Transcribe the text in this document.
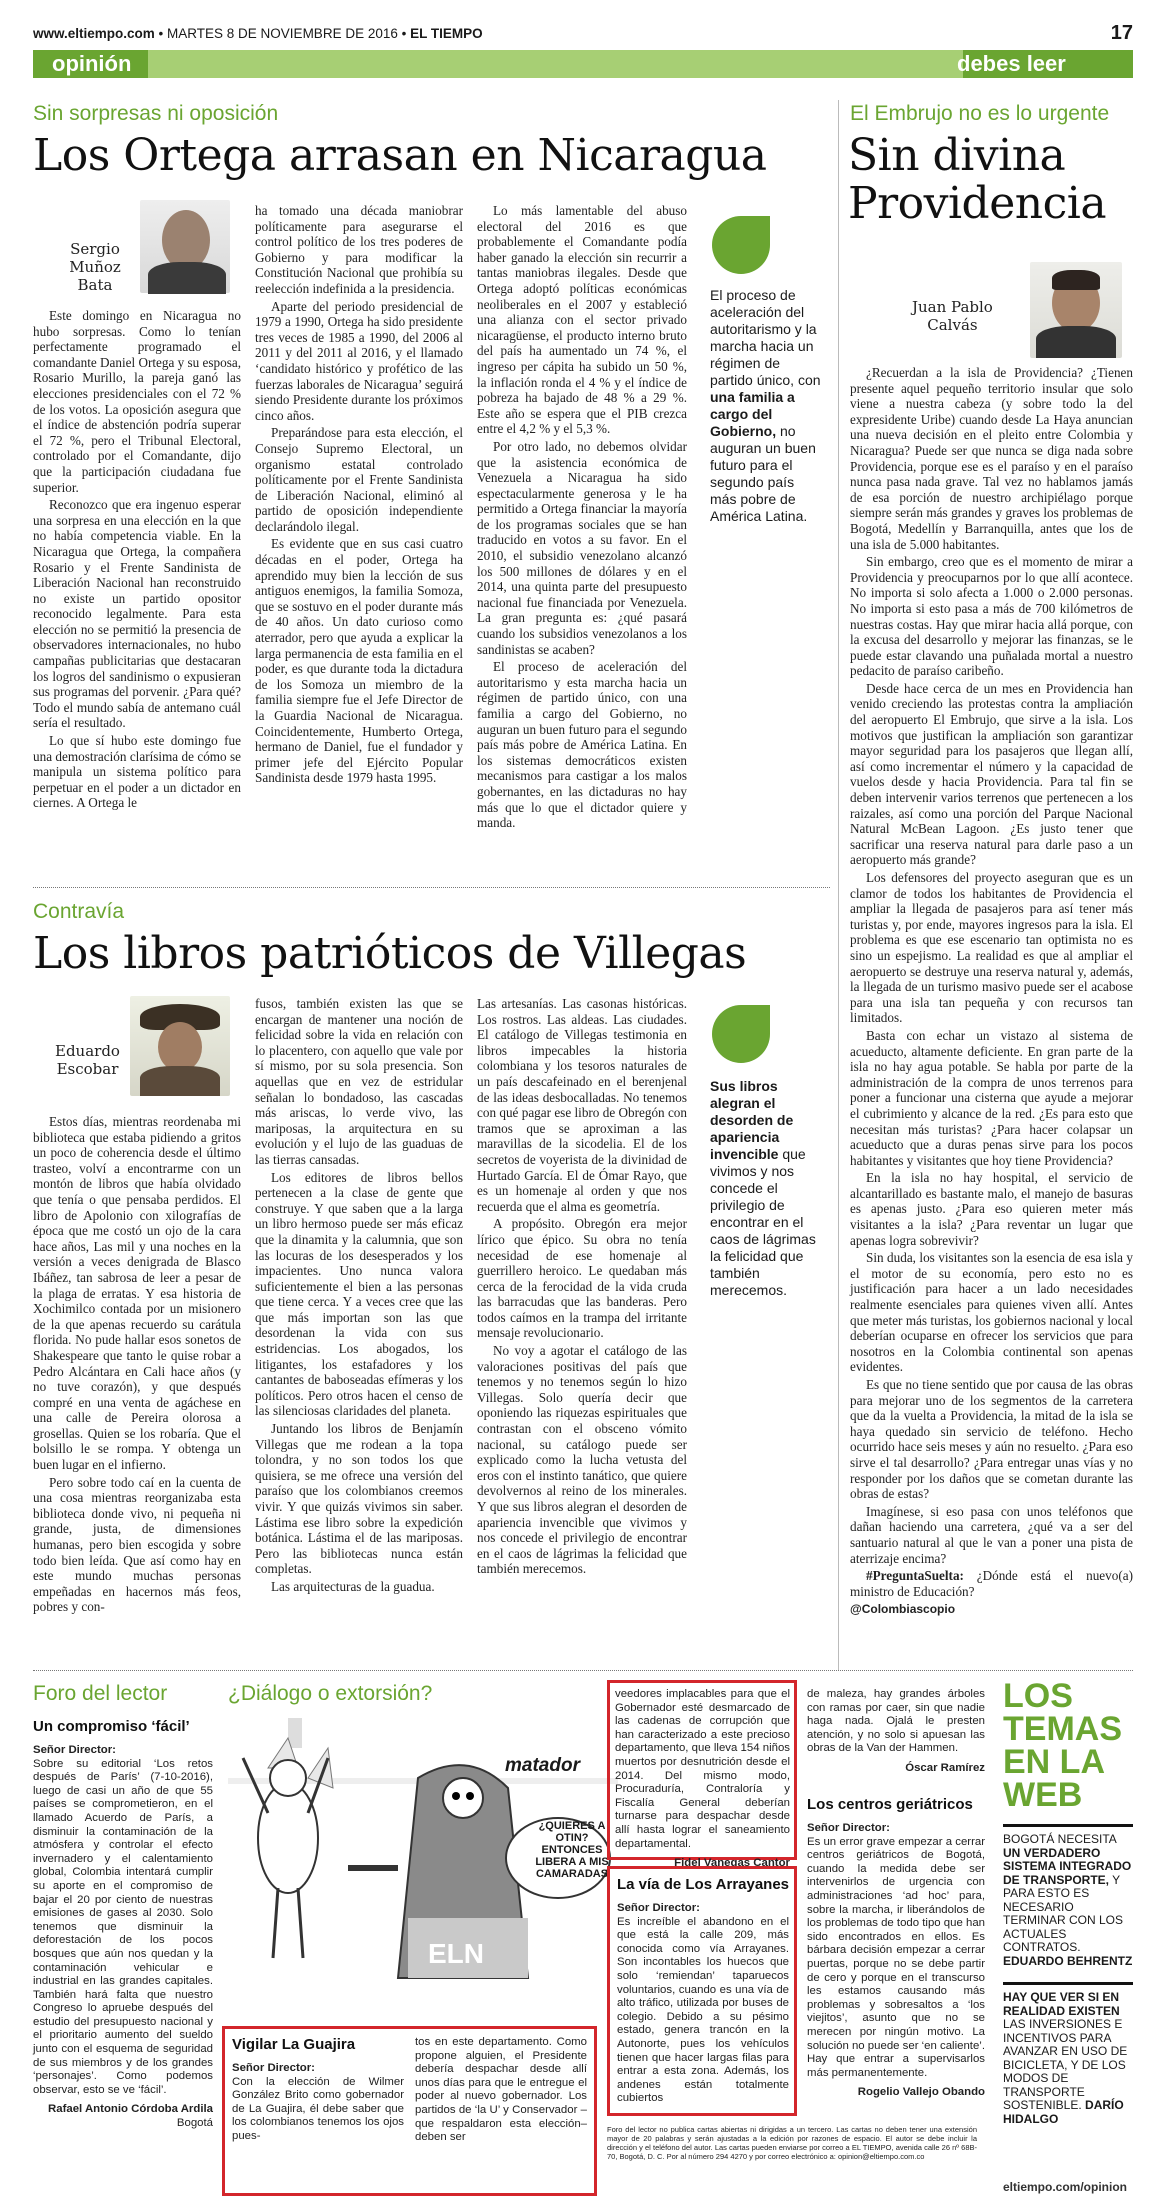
www.eltiempo.com • MARTES 8 DE NOVIEMBRE DE 2016 • EL TIEMPO	17
opinión	debes leer
Sin sorpresas ni oposición
Los Ortega arrasan en Nicaragua
Sergio
Muñoz
Bata

Este domingo en Nicaragua no hubo sorpresas. Como lo tenían perfectamente programado el comandante Daniel Ortega y su esposa, Rosario Murillo, la pareja ganó las elecciones presidenciales con el 72 % de los votos. La oposición asegura que el índice de abstención podría superar el 72 %, pero el Tribunal Electoral, controlado por el Comandante, dijo que la participación ciudadana fue superior.

Reconozco que era ingenuo esperar una sorpresa en una elección en la que no había competencia viable. En la Nicaragua que Ortega, la compañera Rosario y el Frente Sandinista de Liberación Nacional han reconstruido no existe un partido opositor reconocido legalmente. Para esta elección no se permitió la presencia de observadores internacionales, no hubo campañas publicitarias que destacaran los logros del sandinismo o expusieran sus programas del porvenir. ¿Para qué? Todo el mundo sabía de antemano cuál sería el resultado.

Lo que sí hubo este domingo fue una demostración clarísima de cómo se manipula un sistema político para perpetuar en el poder a un dictador en ciernes. A Ortega le

ha tomado una década maniobrar políticamente para asegurarse el control político de los tres poderes de Gobierno y para modificar la Constitución Nacional que prohibía su reelección indefinida a la presidencia.

Aparte del periodo presidencial de 1979 a 1990, Ortega ha sido presidente tres veces de 1985 a 1990, del 2006 al 2011 y del 2011 al 2016, y el llamado ‘candidato histórico y profético de las fuerzas laborales de Nicaragua’ seguirá siendo Presidente durante los próximos cinco años.

Preparándose para esta elección, el Consejo Supremo Electoral, un organismo estatal controlado políticamente por el Frente Sandinista de Liberación Nacional, eliminó al partido de oposición independiente declarándolo ilegal.

Es evidente que en sus casi cuatro décadas en el poder, Ortega ha aprendido muy bien la lección de sus antiguos enemigos, la familia Somoza, que se sostuvo en el poder durante más de 40 años. Un dato curioso como aterrador, pero que ayuda a explicar la larga permanencia de esta familia en el poder, es que durante toda la dictadura de los Somoza un miembro de la familia siempre fue el Jefe Director de la Guardia Nacional de Nicaragua. Coincidentemente, Humberto Ortega, hermano de Daniel, fue el fundador y primer jefe del Ejército Popular Sandinista desde 1979 hasta 1995.

Lo más lamentable del abuso electoral del 2016 es que probablemente el Comandante podía haber ganado la elección sin recurrir a tantas maniobras ilegales. Desde que Ortega adoptó políticas económicas neoliberales en el 2007 y estableció una alianza con el sector privado nicaragüense, el producto interno bruto del país ha aumentado un 74 %, el ingreso per cápita ha subido un 50 %, la inflación ronda el 4 % y el índice de pobreza ha bajado de 48 % a 29 %. Este año se espera que el PIB crezca entre el 4,2 % y el 5,3 %.

Por otro lado, no debemos olvidar que la asistencia económica de Venezuela a Nicaragua ha sido espectacularmente generosa y le ha permitido a Ortega financiar la mayoría de los programas sociales que se han traducido en votos a su favor. En el 2010, el subsidio venezolano alcanzó los 500 millones de dólares y en el 2014, una quinta parte del presupuesto nacional fue financiada por Venezuela. La gran pregunta es: ¿qué pasará cuando los subsidios venezolanos a los sandinistas se acaben?

El proceso de aceleración del autoritarismo y esta marcha hacia un régimen de partido único, con una familia a cargo del Gobierno, no auguran un buen futuro para el segundo país más pobre de América Latina. En los sistemas democráticos existen mecanismos para castigar a los malos gobernantes, en las dictaduras no hay más que lo que el dictador quiere y manda.

El proceso de aceleración del autoritarismo y la marcha hacia un régimen de partido único, con una familia a cargo del Gobierno, no auguran un buen futuro para el segundo país más pobre de América Latina.
El Embrujo no es lo urgente
Sin divina
Providencia
Juan Pablo
Calvás

¿Recuerdan a la isla de Providencia? ¿Tienen presente aquel pequeño territorio insular que solo viene a nuestra cabeza (y sobre todo la del expresidente Uribe) cuando desde La Haya anuncian una nueva decisión en el pleito entre Colombia y Nicaragua? Puede ser que nunca se diga nada sobre Providencia, porque ese es el paraíso y en el paraíso nunca pasa nada grave. Tal vez no hablamos jamás de esa porción de nuestro archipiélago porque siempre serán más grandes y graves los problemas de Bogotá, Medellín y Barranquilla, antes que los de una isla de 5.000 habitantes.

Sin embargo, creo que es el momento de mirar a Providencia y preocuparnos por lo que allí acontece. No importa si solo afecta a 1.000 o 2.000 personas. No importa si esto pasa a más de 700 kilómetros de nuestras costas. Hay que mirar hacia allá porque, con la excusa del desarrollo y mejorar las finanzas, se le puede estar clavando una puñalada mortal a nuestro pedacito de paraíso caribeño.

Desde hace cerca de un mes en Providencia han venido creciendo las protestas contra la ampliación del aeropuerto El Embrujo, que sirve a la isla. Los motivos que justifican la ampliación son garantizar mayor seguridad para los pasajeros que llegan allí, así como incrementar el número y la capacidad de vuelos desde y hacia Providencia. Para tal fin se deben intervenir varios terrenos que pertenecen a los raizales, así como una porción del Parque Nacional Natural McBean Lagoon. ¿Es justo tener que sacrificar una reserva natural para darle paso a un aeropuerto más grande?

Los defensores del proyecto aseguran que es un clamor de todos los habitantes de Providencia el ampliar la llegada de pasajeros para así tener más turistas y, por ende, mayores ingresos para la isla. El problema es que ese escenario tan optimista no es sino un espejismo. La realidad es que al ampliar el aeropuerto se destruye una reserva natural y, además, la llegada de un turismo masivo puede ser el acabose para una isla tan pequeña y con recursos tan limitados.

Basta con echar un vistazo al sistema de acueducto, altamente deficiente. En gran parte de la isla no hay agua potable. Se habla por parte de la administración de la compra de unos terrenos para poner a funcionar una cisterna que ayude a mejorar el cubrimiento y alcance de la red. ¿Es para esto que necesitan más turistas? ¿Para hacer colapsar un acueducto que a duras penas sirve para los pocos habitantes y visitantes que hoy tiene Providencia?

En la isla no hay hospital, el servicio de alcantarillado es bastante malo, el manejo de basuras es apenas justo. ¿Para eso quieren meter más visitantes a la isla? ¿Para reventar un lugar que apenas logra sobrevivir?

Sin duda, los visitantes son la esencia de esa isla y el motor de su economía, pero esto no es justificación para hacer a un lado necesidades realmente esenciales para quienes viven allí. Antes que meter más turistas, los gobiernos nacional y local deberían ocuparse en ofrecer los servicios que para nosotros en la Colombia continental son apenas evidentes.

Es que no tiene sentido que por causa de las obras para mejorar uno de los segmentos de la carretera que da la vuelta a Providencia, la mitad de la isla se haya quedado sin servicio de teléfono. Hecho ocurrido hace seis meses y aún no resuelto. ¿Para eso sirve el tal desarrollo? ¿Para entregar unas vías y no responder por los daños que se cometan durante las obras de estas?

Imagínese, si eso pasa con unos teléfonos que dañan haciendo una carretera, ¿qué va a ser del santuario natural al que le van a poner una pista de aterrizaje encima?

#PreguntaSuelta: ¿Dónde está el nuevo(a) ministro de Educación?

@Colombiascopio

Contravía
Los libros patrióticos de Villegas
Eduardo
Escobar

Estos días, mientras reordenaba mi biblioteca que estaba pidiendo a gritos un poco de coherencia desde el último trasteo, volví a encontrarme con un montón de libros que había olvidado que tenía o que pensaba perdidos. El libro de Apolonio con xilografías de época que me costó un ojo de la cara hace años, Las mil y una noches en la versión a veces denigrada de Blasco Ibáñez, tan sabrosa de leer a pesar de la plaga de erratas. Y esa historia de Xochimilco contada por un misionero de la que apenas recuerdo su carátula florida. No pude hallar esos sonetos de Shakespeare que tanto le quise robar a Pedro Alcántara en Cali hace años (y no tuve corazón), y que después compré en una venta de agáchese en una calle de Pereira olorosa a grosellas. Quien se los robaría. Que el bolsillo le se rompa. Y obtenga un buen lugar en el infierno.

Pero sobre todo caí en la cuenta de una cosa mientras reorganizaba esta biblioteca donde vivo, ni pequeña ni grande, justa, de dimensiones humanas, pero bien escogida y sobre todo bien leída. Que así como hay en este mundo muchas personas empeñadas en hacernos más feos, pobres y con-

fusos, también existen las que se encargan de mantener una noción de felicidad sobre la vida en relación con lo placentero, con aquello que vale por sí mismo, por su sola presencia. Son aquellas que en vez de estridular señalan lo bondadoso, las cascadas más ariscas, lo verde vivo, las mariposas, la arquitectura en su evolución y el lujo de las guaduas de las tierras cansadas.

Los editores de libros bellos pertenecen a la clase de gente que construye. Y que saben que a la larga un libro hermoso puede ser más eficaz que la dinamita y la calumnia, que son las locuras de los desesperados y los impacientes. Uno nunca valora suficientemente el bien a las personas que tiene cerca. Y a veces cree que las que más importan son las que desordenan la vida con sus estridencias. Los abogados, los litigantes, los estafadores y los cantantes de baboseadas efímeras y los políticos. Pero otros hacen el censo de las silenciosas claridades del planeta.

Juntando los libros de Benjamín Villegas que me rodean a la topa tolondra, y no son todos los que quisiera, se me ofrece una versión del paraíso que los colombianos creemos vivir. Y que quizás vivimos sin saber. Lástima ese libro sobre la expedición botánica. Lástima el de las mariposas. Pero las bibliotecas nunca están completas.

Las arquitecturas de la guadua.

Las artesanías. Las casonas históricas. Los rostros. Las aldeas. Las ciudades. El catálogo de Villegas testimonia en libros impecables la historia colombiana y los tesoros naturales de un país descafeinado en el berenjenal de las ideas desbocalladas. No tenemos con qué pagar ese libro de Obregón con tramos que se aproximan a las maravillas de la sicodelia. El de los secretos de voyerista de la divinidad de Hurtado García. El de Ómar Rayo, que es un homenaje al orden y que nos recuerda que el alma es geometría.

A propósito. Obregón era mejor lírico que épico. Su obra no tenía necesidad de ese homenaje al guerrillero heroico. Le quedaban más cerca de la ferocidad de la vida cruda las barracudas que las banderas. Pero todos caímos en la trampa del irritante mensaje revolucionario.

No voy a agotar el catálogo de las valoraciones positivas del país que tenemos y no tenemos según lo hizo Villegas. Solo quería decir que oponiendo las riquezas espirituales que contrastan con el obsceno vómito nacional, su catálogo puede ser explicado como la lucha vetusta del eros con el instinto tanático, que quiere devolvernos al reino de los minerales. Y que sus libros alegran el desorden de apariencia invencible que vivimos y nos concede el privilegio de encontrar en el caos de lágrimas la felicidad que también merecemos.

Sus libros alegran el desorden de apariencia invencible que vivimos y nos concede el privilegio de encontrar en el caos de lágrimas la felicidad que también merecemos.
Foro del lector
Un compromiso ‘fácil’
Señor Director:
Sobre su editorial ‘Los retos después de París’ (7-10-2016), luego de casi un año de que 55 países se comprometieron, en el llamado Acuerdo de París, a disminuir la contaminación de la atmósfera y controlar el efecto invernadero y el calentamiento global, Colombia intentará cumplir su aporte en el compromiso de bajar el 20 por ciento de nuestras emisiones de gases al 2030. Solo tenemos que disminuir la deforestación de los pocos bosques que aún nos quedan y la contaminación vehicular e industrial en las grandes capitales. También hará falta que nuestro Congreso lo apruebe después del estudio del presupuesto nacional y el prioritario aumento del sueldo junto con el esquema de seguridad de sus miembros y de los grandes ‘personajes’. Como podemos observar, esto se ve ‘fácil’.
Rafael Antonio Córdoba Ardila
Bogotá
¿Diálogo o extorsión?
ELN
matador
¿QUIERES A OTIN? ENTONCES LIBERA A MIS CAMARADAS
Vigilar La Guajira
Señor Director:
Con la elección de Wilmer González Brito como gobernador de La Guajira, él debe saber que los colombianos tenemos los ojos pues-
tos en este departamento. Como propone alguien, el Presidente debería despachar desde allí unos días para que le entregue el poder al nuevo gobernador. Los partidos de ‘la U’ y Conservador –que respaldaron esta elección– deben ser
veedores implacables para que el Gobernador esté desmarcado de las cadenas de corrupción que han caracterizado a este precioso departamento, que lleva 154 niños muertos por desnutrición desde el 2014. Del mismo modo, Procuraduría, Contraloría y Fiscalía General deberían turnarse para despachar desde allí hasta lograr el saneamiento departamental.
Fidel Vanegas Cantor
La vía de Los Arrayanes
Señor Director:
Es increíble el abandono en el que está la calle 209, más conocida como vía Arrayanes. Son incontables los huecos que solo ‘remiendan’ taparuecos voluntarios, cuando es una vía de alto tráfico, utilizada por buses de colegio. Debido a su pésimo estado, genera trancón en la Autonorte, pues los vehículos tienen que hacer largas filas para entrar a esta zona. Además, los andenes están totalmente cubiertos
Foro del lector no publica cartas abiertas ni dirigidas a un tercero. Las cartas no deben tener una extensión mayor de 20 palabras y serán ajustadas a la edición por razones de espacio. El autor se debe incluir la dirección y el teléfono del autor. Las cartas pueden enviarse por correo a EL TIEMPO, avenida calle 26 nº 68B-70, Bogotá, D. C. Por al número 294 4270 y por correo electrónico a: opinion@eltiempo.com.co
de maleza, hay grandes árboles con ramas por caer, sin que nadie haga nada. Ojalá le presten atención, y no solo si apuesan las obras de la Van der Hammen.
Óscar Ramírez
Los centros geriátricos
Señor Director:
Es un error grave empezar a cerrar centros geriátricos de Bogotá, cuando la medida debe ser intervenirlos de urgencia con administraciones ‘ad hoc’ para, sobre la marcha, ir liberándolos de los problemas de todo tipo que han sido encontrados en ellos. Es bárbara decisión empezar a cerrar puertas, porque no se debe partir de cero y porque en el transcurso les estamos causando más problemas y sobresaltos a ‘los viejitos’, asunto que no se merecen por ningún motivo. La solución no puede ser ‘en caliente’. Hay que entrar a supervisarlos más permanentemente.
Rogelio Vallejo Obando
LOS
TEMAS
EN LA
WEB
BOGOTÁ NECESITA UN VERDADERO SISTEMA INTEGRADO DE TRANSPORTE, Y PARA ESTO ES NECESARIO TERMINAR CON LOS ACTUALES CONTRATOS. EDUARDO BEHRENTZ
HAY QUE VER SI EN REALIDAD EXISTEN LAS INVERSIONES E INCENTIVOS PARA AVANZAR EN USO DE BICICLETA, Y DE LOS MODOS DE TRANSPORTE SOSTENIBLE. DARÍO HIDALGO
eltiempo.com/opinion
